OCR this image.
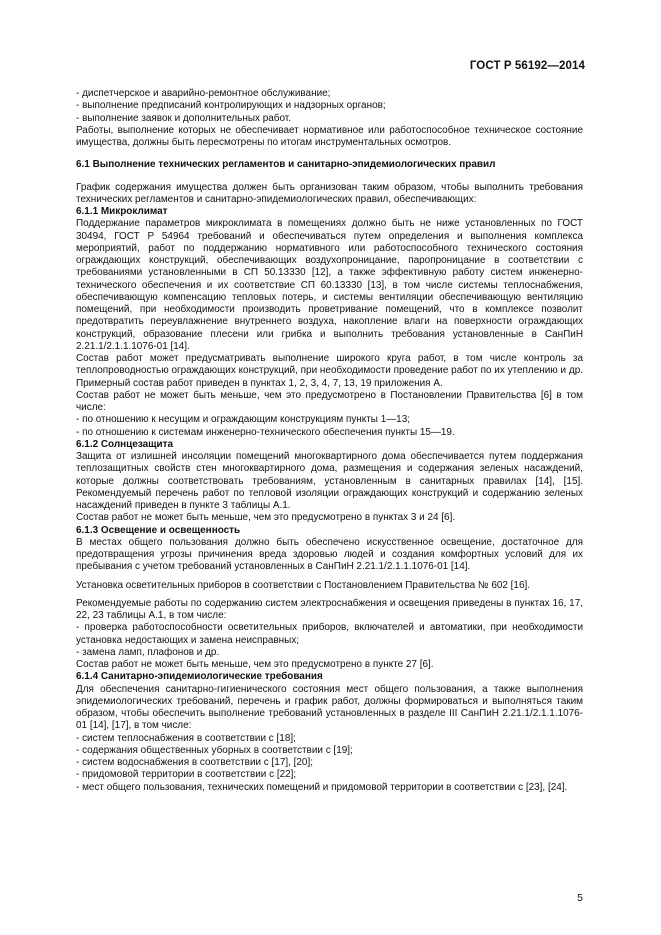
ГОСТ Р 56192—2014

- диспетчерское и аварийно-ремонтное обслуживание;

- выполнение предписаний контролирующих и надзорных органов;

- выполнение заявок и дополнительных работ.

Работы, выполнение которых не обеспечивает нормативное или работоспособное техническое состояние имущества, должны быть пересмотрены по итогам инструментальных осмотров.

6.1 Выполнение технических регламентов и санитарно-эпидемиологических правил

График содержания имущества должен быть организован таким образом, чтобы выполнить требования технических регламентов и санитарно-эпидемиологических правил, обеспечивающих:

6.1.1 Микроклимат

Поддержание параметров микроклимата в помещениях должно быть не ниже установленных по ГОСТ 30494, ГОСТ Р 54964 требований и обеспечиваться путем определения и выполнения комплекса мероприятий, работ по поддержанию нормативного или работоспособного технического состояния ограждающих конструкций, обеспечивающих воздухопроницание, паропроницание в соответствии с требованиями установленными в СП 50.13330 [12], а также эффективную работу систем инженерно-технического обеспечения и их соответствие СП 60.13330 [13], в том числе системы теплоснабжения, обеспечивающую компенсацию тепловых потерь, и системы вентиляции обеспечивающую вентиляцию помещений, при необходимости производить проветривание помещений, что в комплексе позволит предотвратить переувлажнение внутреннего воздуха, накопление влаги на поверхности ограждающих конструкций, образование плесени или грибка и выполнить требования установленные в СанПиН 2.21.1/2.1.1.1076-01 [14].

Состав работ может предусматривать выполнение широкого круга работ, в том числе контроль за теплопроводностью ограждающих конструкций, при необходимости проведение работ по их утеплению и др. Примерный состав работ приведен в пунктах 1, 2, 3, 4, 7, 13, 19 приложения А.

Состав работ не может быть меньше, чем это предусмотрено в Постановлении Правительства [6] в том числе:

- по отношению к несущим и ограждающим конструкциям пункты 1—13;

- по отношению к системам инженерно-технического обеспечения пункты 15—19.

6.1.2 Солнцезащита

Защита от излишней инсоляции помещений многоквартирного дома обеспечивается путем поддержания теплозащитных свойств стен многоквартирного дома, размещения и содержания зеленых насаждений, которые должны соответствовать требованиям, установленным в санитарных правилах [14], [15]. Рекомендуемый перечень работ по тепловой изоляции ограждающих конструкций и содержанию зеленых насаждений приведен в пункте 3 таблицы А.1.

Состав работ не может быть меньше, чем это предусмотрено в пунктах 3 и 24 [6].

6.1.3 Освещение и освещенность

В местах общего пользования должно быть обеспечено искусственное освещение, достаточное для предотвращения угрозы причинения вреда здоровью людей и создания комфортных условий для их пребывания с учетом требований установленных в СанПиН 2.21.1/2.1.1.1076-01 [14].

Установка осветительных приборов в соответствии с Постановлением Правительства № 602 [16].

Рекомендуемые работы по содержанию систем электроснабжения и освещения приведены в пунктах 16, 17, 22, 23 таблицы А.1, в том числе:

- проверка работоспособности осветительных приборов, включателей и автоматики, при необходимости установка недостающих и замена неисправных;

- замена ламп, плафонов и др.

Состав работ не может быть меньше, чем это предусмотрено в пункте 27 [6].

6.1.4 Санитарно-эпидемиологические требования

Для обеспечения санитарно-гигиенического состояния мест общего пользования, а также выполнения эпидемиологических требований, перечень и график работ, должны формироваться и выполняться таким образом, чтобы обеспечить выполнение требований установленных в разделе III СанПиН 2.21.1/2.1.1.1076-01 [14], [17], в том числе:

- систем теплоснабжения в соответствии с [18];

- содержания общественных уборных в соответствии с [19];

- систем водоснабжения в соответствии с [17], [20];

- придомовой территории в соответствии с [22];

- мест общего пользования, технических помещений и придомовой территории в соответствии с [23], [24].

5
